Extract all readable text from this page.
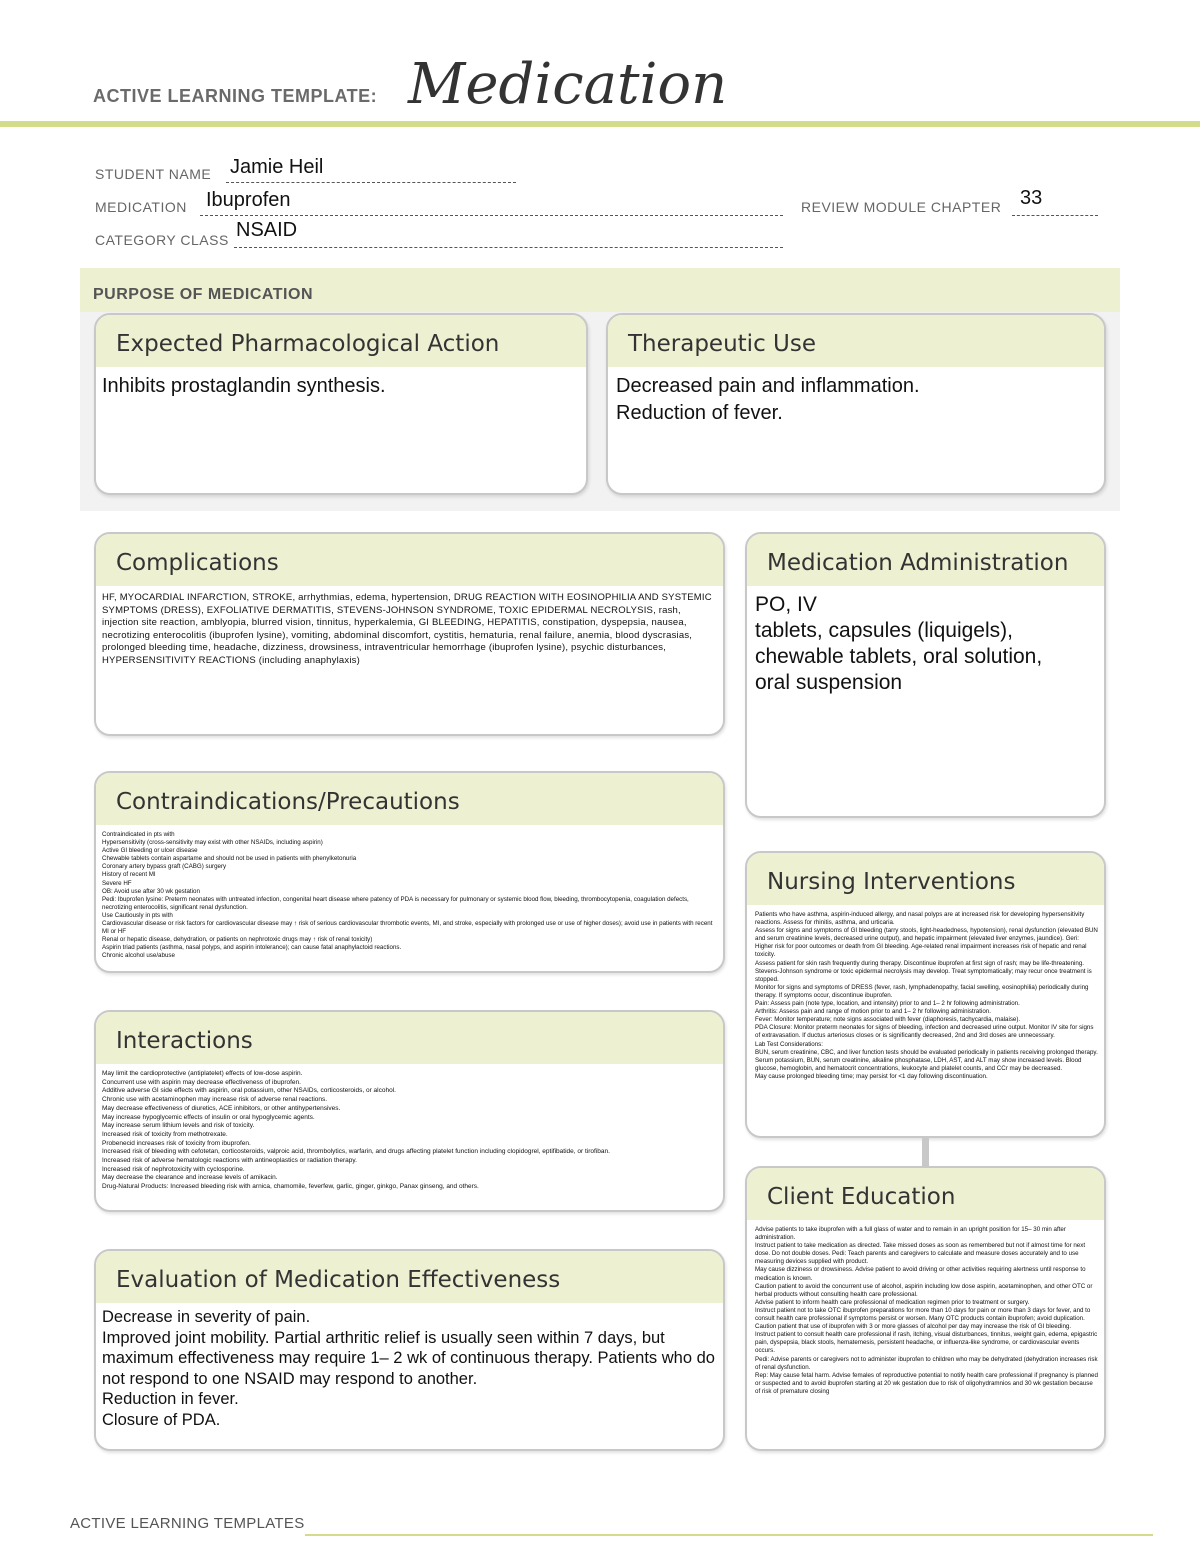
ACTIVE LEARNING TEMPLATE: Medication
STUDENT NAME Jamie Heil
MEDICATION Ibuprofen	REVIEW MODULE CHAPTER 33
CATEGORY CLASS NSAID
PURPOSE OF MEDICATION
Expected Pharmacological Action
Inhibits prostaglandin synthesis.
Therapeutic Use
Decreased pain and inflammation.
Reduction of fever.
Complications
HF, MYOCARDIAL INFARCTION, STROKE, arrhythmias, edema, hypertension, DRUG REACTION WITH EOSINOPHILIA AND SYSTEMIC SYMPTOMS (DRESS), EXFOLIATIVE DERMATITIS, STEVENS-JOHNSON SYNDROME, TOXIC EPIDERMAL NECROLYSIS, rash, injection site reaction, amblyopia, blurred vision, tinnitus, hyperkalemia, GI BLEEDING, HEPATITIS, constipation, dyspepsia, nausea, necrotizing enterocolitis (ibuprofen lysine), vomiting, abdominal discomfort, cystitis, hematuria, renal failure, anemia, blood dyscrasias, prolonged bleeding time, headache, dizziness, drowsiness, intraventricular hemorrhage (ibuprofen lysine), psychic disturbances, HYPERSENSITIVITY REACTIONS (including anaphylaxis)
Medication Administration
PO, IV
tablets, capsules (liquigels),
chewable tablets, oral solution,
oral suspension
Contraindications/Precautions
Contraindicated in pts with
Hypersensitivity (cross-sensitivity may exist with other NSAIDs, including aspirin)
Active GI bleeding or ulcer disease
Chewable tablets contain aspartame and should not be used in patients with phenylketonuria
Coronary artery bypass graft (CABG) surgery
History of recent MI
Severe HF
OB: Avoid use after 30 wk gestation
Pedi: Ibuprofen lysine: Preterm neonates with untreated infection, congenital heart disease where patency of PDA is necessary for pulmonary or systemic blood flow, bleeding, thrombocytopenia, coagulation defects, necrotizing enterocolitis, significant renal dysfunction.
Use Cautiously in pts with
Cardiovascular disease or risk factors for cardiovascular disease may ↑ risk of serious cardiovascular thrombotic events, MI, and stroke, especially with prolonged use or use of higher doses); avoid use in patients with recent MI or HF
Renal or hepatic disease, dehydration, or patients on nephrotoxic drugs may ↑ risk of renal toxicity)
Aspirin triad patients (asthma, nasal polyps, and aspirin intolerance); can cause fatal anaphylactoid reactions.
Chronic alcohol use/abuse
Nursing Interventions
Patients who have asthma, aspirin-induced allergy, and nasal polyps are at increased risk for developing hypersensitivity reactions. Assess for rhinitis, asthma, and urticaria.
Assess for signs and symptoms of GI bleeding (tarry stools, light-headedness, hypotension), renal dysfunction (elevated BUN and serum creatinine levels, decreased urine output), and hepatic impairment (elevated liver enzymes, jaundice). Geri: Higher risk for poor outcomes or death from GI bleeding. Age-related renal impairment increases risk of hepatic and renal toxicity.
Assess patient for skin rash frequently during therapy. Discontinue ibuprofen at first sign of rash; may be life-threatening. Stevens-Johnson syndrome or toxic epidermal necrolysis may develop. Treat symptomatically; may recur once treatment is stopped.
Monitor for signs and symptoms of DRESS (fever, rash, lymphadenopathy, facial swelling, eosinophilia) periodically during therapy. If symptoms occur, discontinue ibuprofen.
Pain: Assess pain (note type, location, and intensity) prior to and 1– 2 hr following administration.
Arthritis: Assess pain and range of motion prior to and 1– 2 hr following administration.
Fever: Monitor temperature; note signs associated with fever (diaphoresis, tachycardia, malaise).
PDA Closure: Monitor preterm neonates for signs of bleeding, infection and decreased urine output. Monitor IV site for signs of extravasation. If ductus arteriosus closes or is significantly decreased, 2nd and 3rd doses are unnecessary.
Lab Test Considerations:
BUN, serum creatinine, CBC, and liver function tests should be evaluated periodically in patients receiving prolonged therapy.
Serum potassium, BUN, serum creatinine, alkaline phosphatase, LDH, AST, and ALT may show increased levels. Blood glucose, hemoglobin, and hematocrit concentrations, leukocyte and platelet counts, and CCr may be decreased.
May cause prolonged bleeding time; may persist for <1 day following discontinuation.
Interactions
May limit the cardioprotective (antiplatelet) effects of low-dose aspirin.
Concurrent use with aspirin may decrease effectiveness of ibuprofen.
Additive adverse GI side effects with aspirin, oral potassium, other NSAIDs, corticosteroids, or alcohol.
Chronic use with acetaminophen may increase risk of adverse renal reactions.
May decrease effectiveness of diuretics, ACE inhibitors, or other antihypertensives.
May increase hypoglycemic effects of insulin or oral hypoglycemic agents.
May increase serum lithium levels and risk of toxicity.
Increased risk of toxicity from methotrexate.
Probenecid increases risk of toxicity from ibuprofen.
Increased risk of bleeding with cefotetan, corticosteroids, valproic acid, thrombolytics, warfarin, and drugs affecting platelet function including clopidogrel, eptifibatide, or tirofiban.
Increased risk of adverse hematologic reactions with antineoplastics or radiation therapy.
Increased risk of nephrotoxicity with cyclosporine.
May decrease the clearance and increase levels of amikacin.
Drug-Natural Products: Increased bleeding risk with arnica, chamomile, feverfew, garlic, ginger, ginkgo, Panax ginseng, and others.	Client Education
Advise patients to take ibuprofen with a full glass of water and to remain in an upright position for 15– 30 min after administration.
Instruct patient to take medication as directed. Take missed doses as soon as remembered but not if almost time for next dose. Do not double doses. Pedi: Teach parents and caregivers to calculate and measure doses accurately and to use measuring devices supplied with product.
May cause dizziness or drowsiness. Advise patient to avoid driving or other activities requiring alertness until response to medication is known.
Caution patient to avoid the concurrent use of alcohol, aspirin including low dose aspirin, acetaminophen, and other OTC or herbal products without consulting health care professional.
Advise patient to inform health care professional of medication regimen prior to treatment or surgery.
Instruct patient not to take OTC ibuprofen preparations for more than 10 days for pain or more than 3 days for fever, and to consult health care professional if symptoms persist or worsen. Many OTC products contain ibuprofen; avoid duplication.
Caution patient that use of ibuprofen with 3 or more glasses of alcohol per day may increase the risk of GI bleeding.
Instruct patient to consult health care professional if rash, itching, visual disturbances, tinnitus, weight gain, edema, epigastric pain, dyspepsia, black stools, hematemesis, persistent headache, or influenza-like syndrome, or cardiovascular events occurs.
Pedi: Advise parents or caregivers not to administer ibuprofen to children who may be dehydrated (dehydration increases risk of renal dysfunction.
Rep: May cause fetal harm. Advise females of reproductive potential to notify health care professional if pregnancy is planned or suspected and to avoid ibuprofen starting at 20 wk gestation due to risk of oligohydramnios and 30 wk gestation because of risk of premature closing
Evaluation of Medication Effectiveness
Decrease in severity of pain.
Improved joint mobility. Partial arthritic relief is usually seen within 7 days, but maximum effectiveness may require 1– 2 wk of continuous therapy. Patients who do not respond to one NSAID may respond to another.
Reduction in fever.
Closure of PDA.
ACTIVE LEARNING TEMPLATES
